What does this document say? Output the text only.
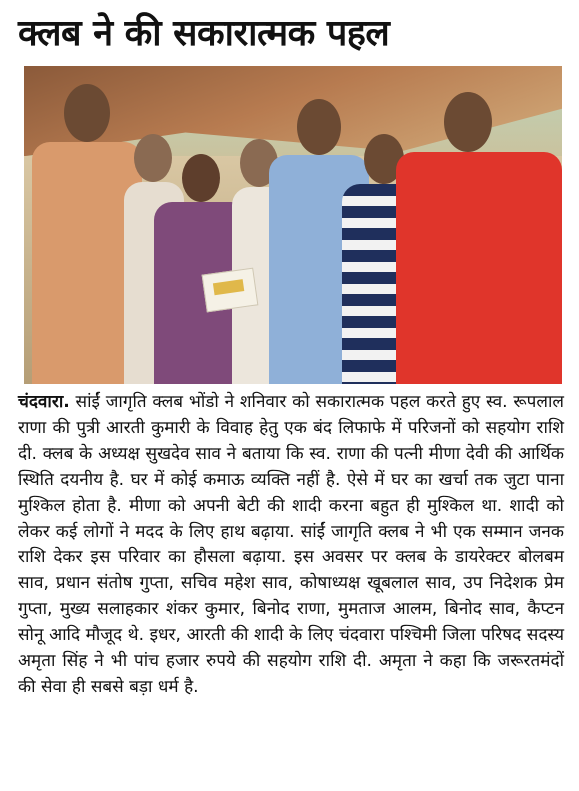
क्लब ने की सकारात्मक पहल
चंदवारा. सांईं जागृति क्लब भोंडो ने शनिवार को सकारात्मक पहल करते हुए स्व. रूपलाल राणा की पुत्री आरती कुमारी के विवाह हेतु एक बंद लिफाफे में परिजनों को सहयोग राशि दी. क्लब के अध्यक्ष सुखदेव साव ने बताया कि स्व. राणा की पत्नी मीणा देवी की आर्थिक स्थिति दयनीय है. घर में कोई कमाऊ व्यक्ति नहीं है. ऐसे में घर का खर्चा तक जुटा पाना मुश्किल होता है. मीणा को अपनी बेटी की शादी करना बहुत ही मुश्किल था. शादी को लेकर कई लोगों ने मदद के लिए हाथ बढ़ाया. सांईं जागृति क्लब ने भी एक सम्मान जनक राशि देकर इस परिवार का हौसला बढ़ाया. इस अवसर पर क्लब के डायरेक्टर बोलबम साव, प्रधान संतोष गुप्ता, सचिव महेश साव, कोषाध्यक्ष खूबलाल साव, उप निदेशक प्रेम गुप्ता, मुख्य सलाहकार शंकर कुमार, बिनोद राणा, मुमताज आलम, बिनोद साव, कैप्टन सोनू आदि मौजूद थे. इधर, आरती की शादी के लिए चंदवारा पश्चिमी जिला परिषद सदस्य अमृता सिंह ने भी पांच हजार रुपये की सहयोग राशि दी. अमृता ने कहा कि जरूरतमंदों की सेवा ही सबसे बड़ा धर्म है.
